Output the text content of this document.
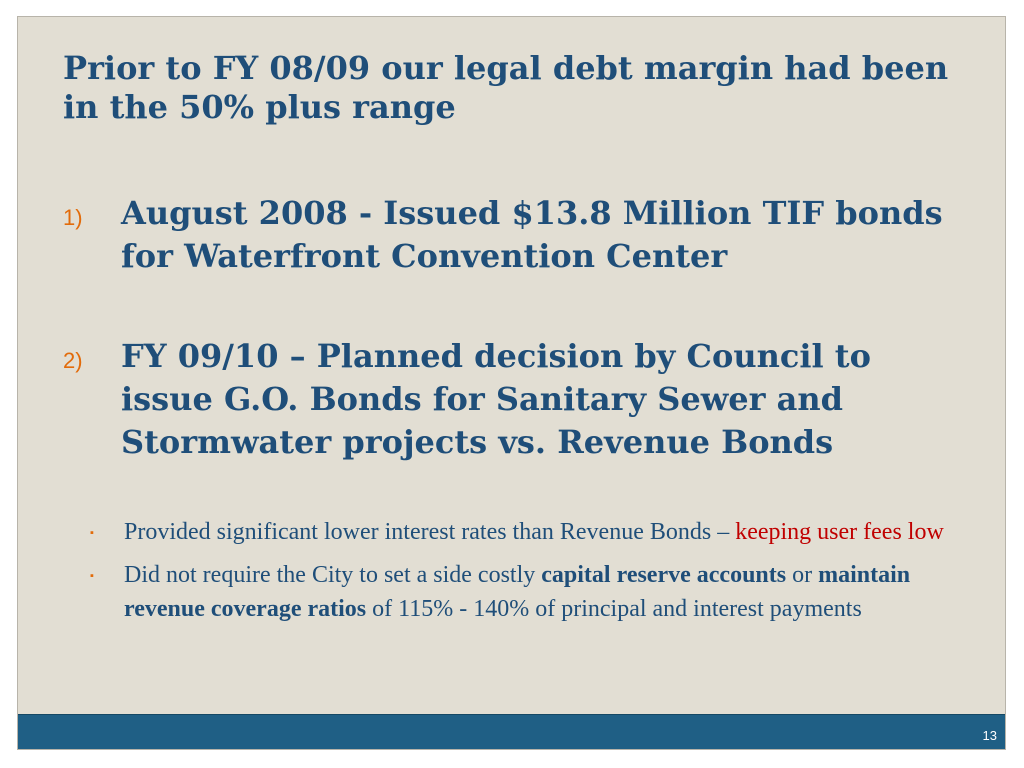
Prior to FY 08/09 our legal debt margin had been in the 50% plus range
1)	August 2008 - Issued $13.8 Million TIF bonds for Waterfront Convention Center
2)	FY 09/10 – Planned decision by Council to issue G.O. Bonds for Sanitary Sewer and Stormwater projects vs. Revenue Bonds
▪	Provided significant lower interest rates than Revenue Bonds – keeping user fees low
▪	Did not require the City to set a side costly capital reserve accounts or maintain revenue coverage ratios of 115% - 140% of principal and interest payments
13
